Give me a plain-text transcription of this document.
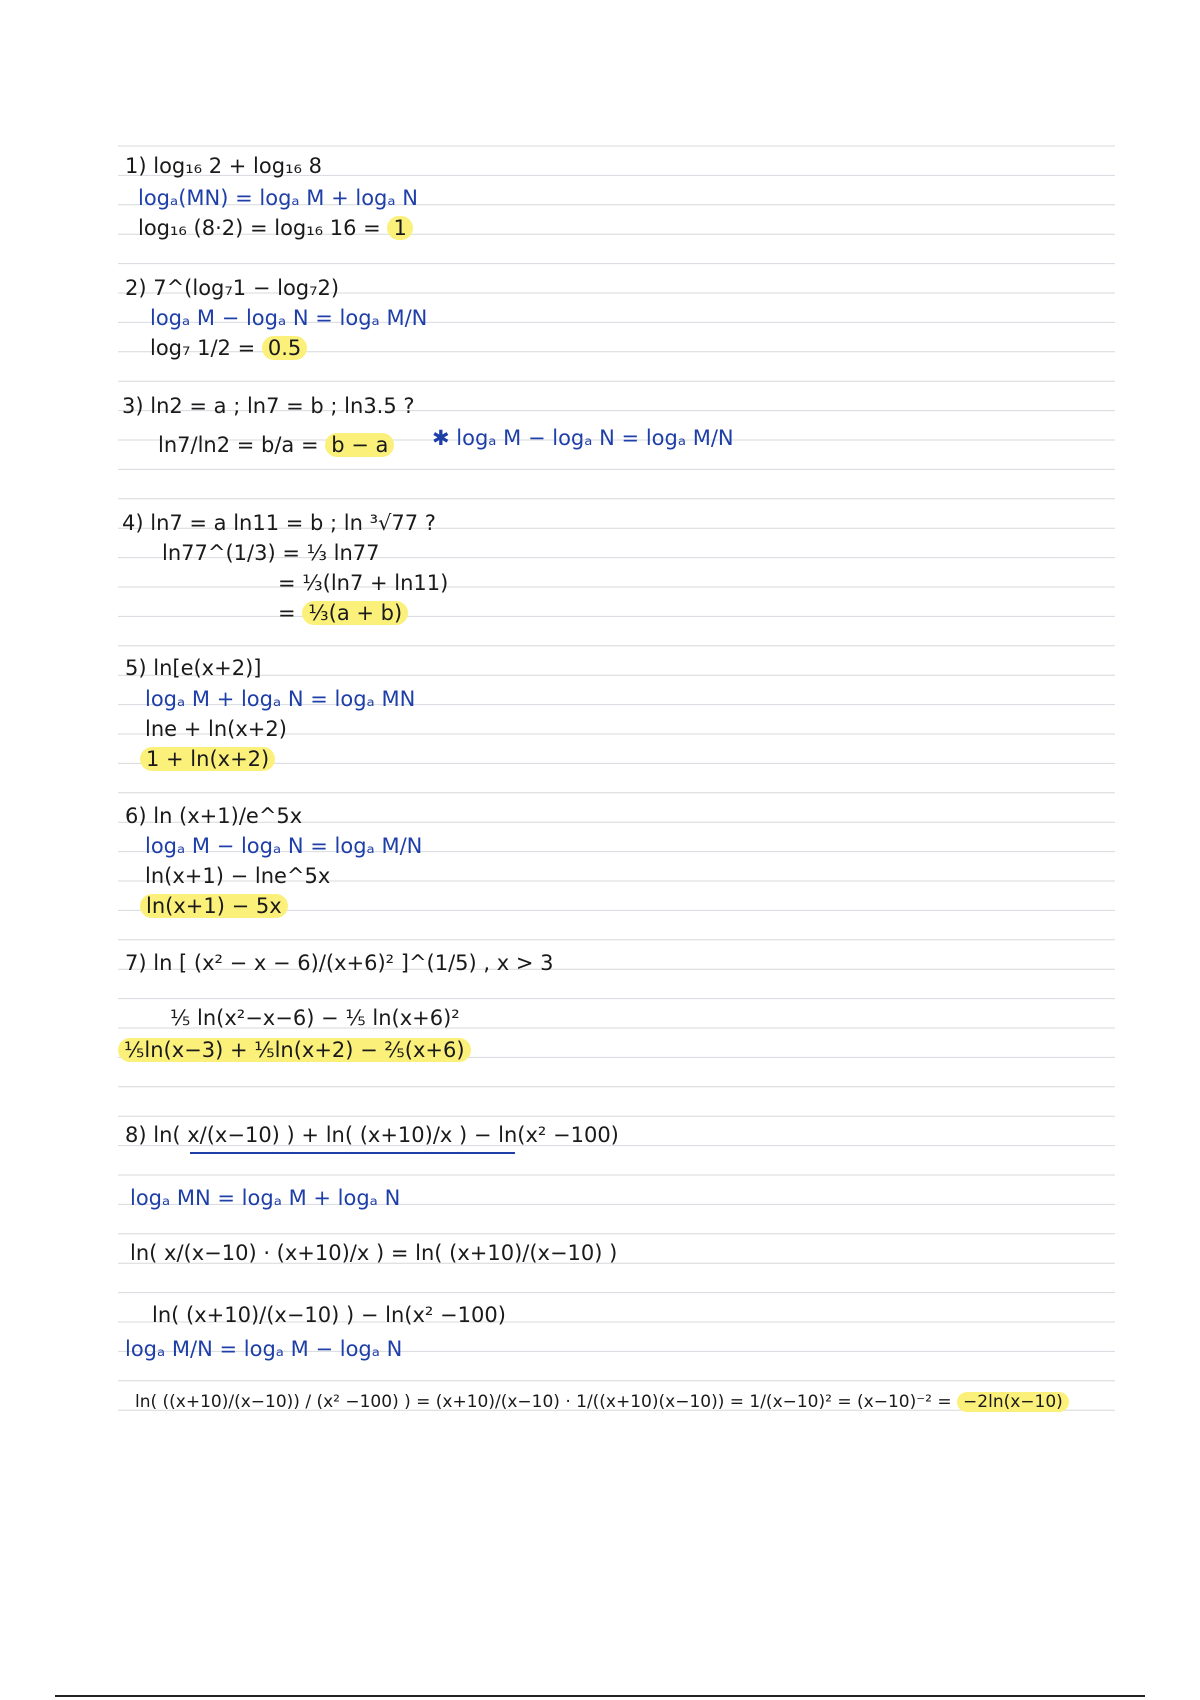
1) log₁₆ 2 + log₁₆ 8
logₐ(MN) = logₐ M + logₐ N
log₁₆ (8·2) = log₁₆ 16 = 1
2) 7^(log₇1 − log₇2)
logₐ M − logₐ N = logₐ M/N
log₇ 1/2 = 0.5
3) ln2 = a ; ln7 = b ; ln3.5 ?
ln7/ln2 = b/a = b − a ✱ logₐ M − logₐ N = logₐ M/N
4) ln7 = a ln11 = b ; ln ³√77 ?
ln77^(1/3) = ⅓ ln77
= ⅓(ln7 + ln11)
= ⅓(a + b)
5) ln[e(x+2)]
logₐ M + logₐ N = logₐ MN
lne + ln(x+2)
1 + ln(x+2)
6) ln (x+1)/e^5x
logₐ M − logₐ N = logₐ M/N
ln(x+1) − lne^5x
ln(x+1) − 5x
7) ln [ (x² − x − 6)/(x+6)² ]^(1/5) , x > 3
⅕ ln(x²−x−6) − ⅕ ln(x+6)²
⅕ln(x−3) + ⅕ln(x+2) − ⅖(x+6)
8) ln( x/(x−10) ) + ln( (x+10)/x ) − ln(x² −100)
logₐ MN = logₐ M + logₐ N
ln( x/(x−10) · (x+10)/x ) = ln( (x+10)/(x−10) )
ln( (x+10)/(x−10) ) − ln(x² −100)
logₐ M/N = logₐ M − logₐ N
ln( ((x+10)/(x−10)) / (x² −100) ) = (x+10)/(x−10) · 1/((x+10)(x−10)) = 1/(x−10)² = (x−10)⁻² = −2ln(x−10)
